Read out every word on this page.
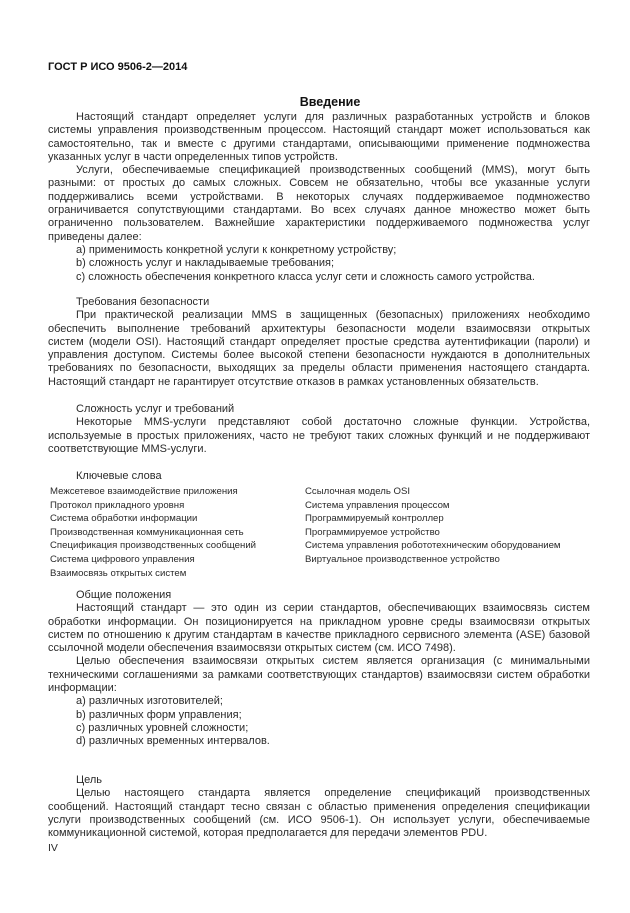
ГОСТ Р ИСО 9506-2—2014
Введение
Настоящий стандарт определяет услуги для различных разработанных устройств и блоков
системы управления производственным процессом. Настоящий стандарт может использоваться как
самостоятельно, так и вместе с другими стандартами, описывающими применение подмножества
указанных услуг в части определенных типов устройств.
Услуги, обеспечиваемые спецификацией производственных сообщений (MMS), могут быть
разными: от простых до самых сложных. Совсем не обязательно, чтобы все указанные услуги
поддерживались всеми устройствами. В некоторых случаях поддерживаемое подмножество
ограничивается сопутствующими стандартами. Во всех случаях данное множество может быть
ограниченно пользователем. Важнейшие характеристики поддерживаемого подмножества услуг
приведены далее:
a) применимость конкретной услуги к конкретному устройству;
b) сложность услуг и накладываемые требования;
c) сложность обеспечения конкретного класса услуг сети и сложность самого устройства.
Требования безопасности
При практической реализации MMS в защищенных (безопасных) приложениях необходимо
обеспечить выполнение требований архитектуры безопасности модели взаимосвязи открытых
систем (модели OSI). Настоящий стандарт определяет простые средства аутентификации (пароли) и
управления доступом. Системы более высокой степени безопасности нуждаются в дополнительных
требованиях по безопасности, выходящих за пределы области применения настоящего стандарта.
Настоящий стандарт не гарантирует отсутствие отказов в рамках установленных обязательств.
Сложность услуг и требований
Некоторые MMS-услуги представляют собой достаточно сложные функции. Устройства,
используемые в простых приложениях, часто не требуют таких сложных функций и не поддерживают
соответствующие MMS-услуги.
Ключевые слова
Общие положения
Настоящий стандарт — это один из серии стандартов, обеспечивающих взаимосвязь систем
обработки информации. Он позиционируется на прикладном уровне среды взаимосвязи открытых
систем по отношению к другим стандартам в качестве прикладного сервисного элемента (ASE) базовой
ссылочной модели обеспечения взаимосвязи открытых систем (см. ИСО 7498).
Целью обеспечения взаимосвязи открытых систем является организация (с минимальными
техническими соглашениями за рамками соответствующих стандартов) взаимосвязи систем обработки
информации:
a) различных изготовителей;
b) различных форм управления;
c) различных уровней сложности;
d) различных временных интервалов.
Цель
Целью настоящего стандарта является определение спецификаций производственных
сообщений. Настоящий стандарт тесно связан с областью применения определения спецификации
услуги производственных сообщений (см. ИСО 9506-1). Он использует услуги, обеспечиваемые
коммуникационной системой, которая предполагается для передачи элементов PDU.
Межсетевое взаимодействие приложения
Протокол прикладного уровня
Система обработки информации
Производственная коммуникационная сеть
Спецификация производственных сообщений
Система цифрового управления
Взаимосвязь открытых систем
Ссылочная модель OSI
Система управления процессом
Программируемый контроллер
Программируемое устройство
Система управления робототехническим оборудованием
Виртуальное производственное устройство
IV
